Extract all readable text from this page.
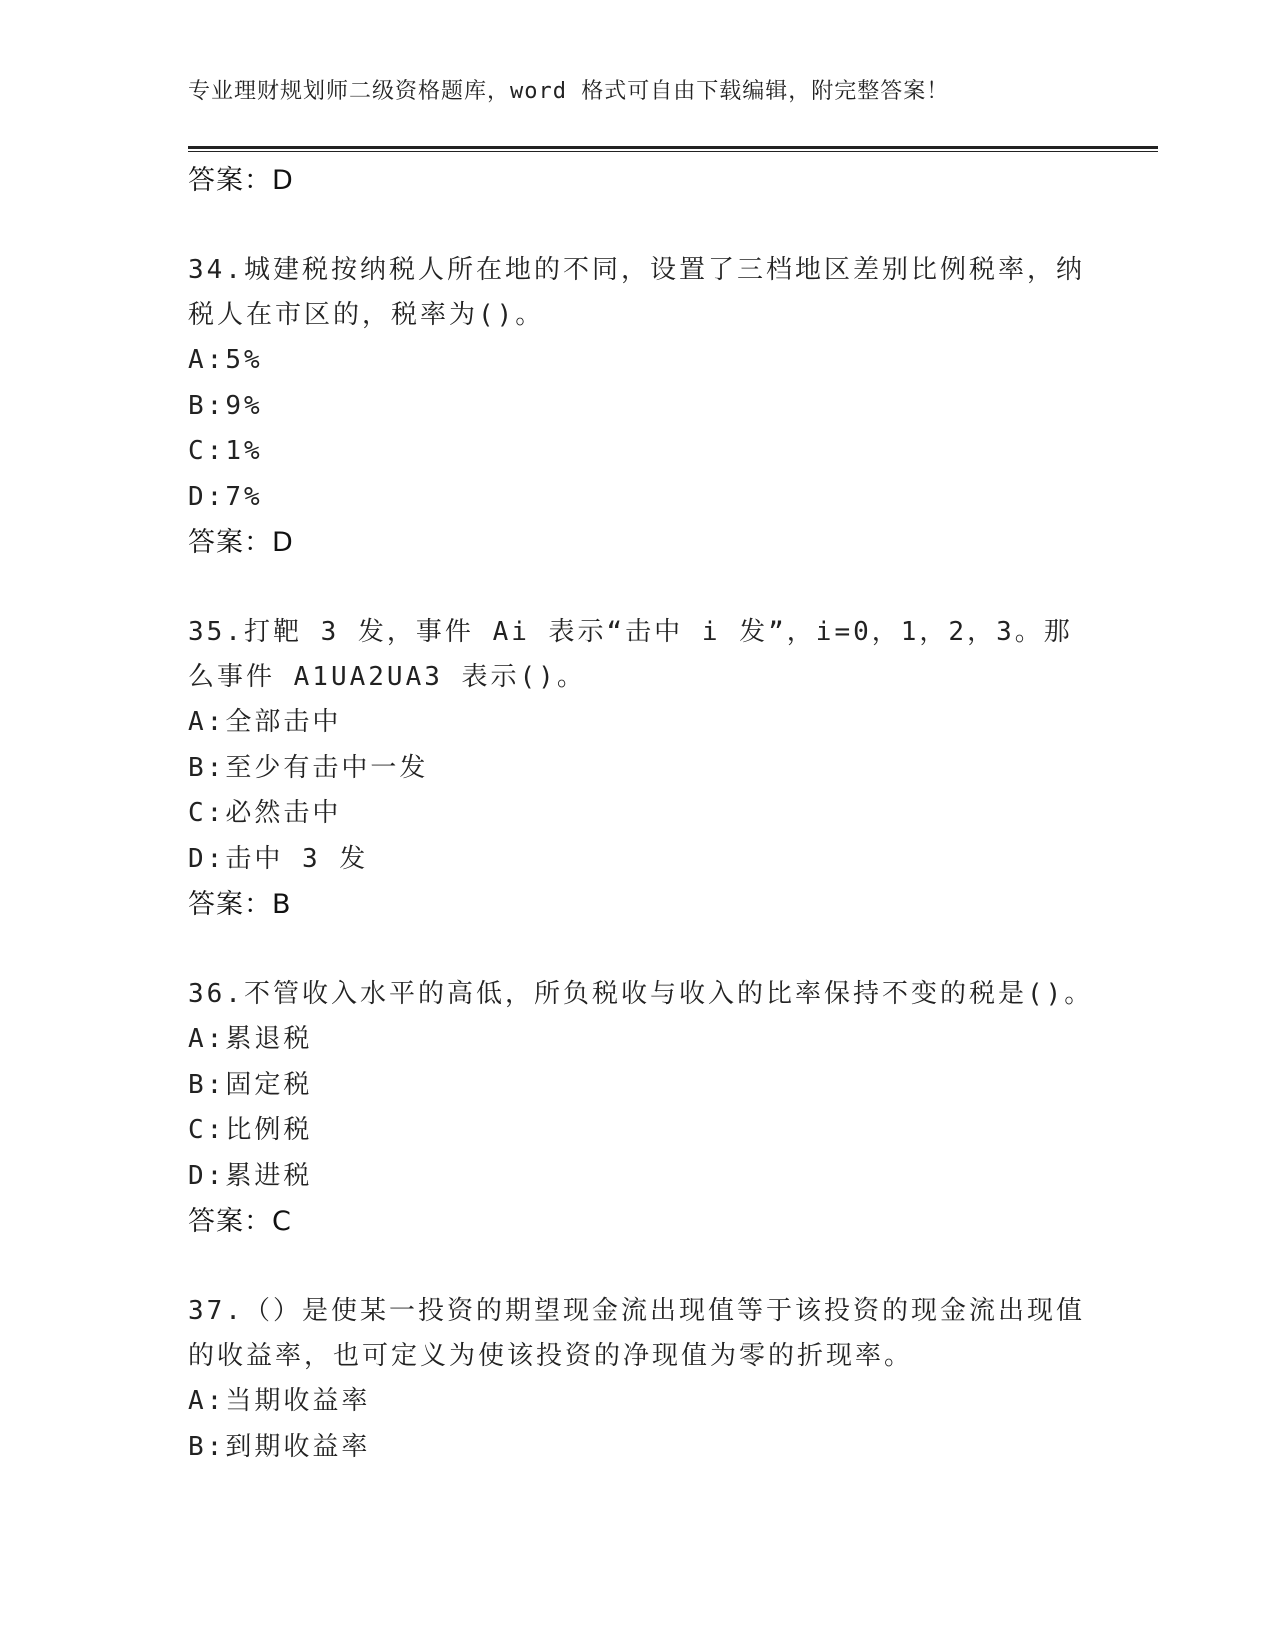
专业理财规划师二级资格题库，word 格式可自由下载编辑，附完整答案！
答案：D
34.城建税按纳税人所在地的不同，设置了三档地区差别比例税率，纳税人在市区的，税率为()。
A:5%
B:9%
C:1%
D:7%
答案：D
35.打靶 3 发，事件 Ai 表示“击中 i 发”，i=0，1，2，3。那么事件 A1UA2UA3 表示()。
A:全部击中
B:至少有击中一发
C:必然击中
D:击中 3 发
答案：B
36.不管收入水平的高低，所负税收与收入的比率保持不变的税是()。
A:累退税
B:固定税
C:比例税
D:累进税
答案：C
37.（）是使某一投资的期望现金流出现值等于该投资的现金流出现值的收益率，也可定义为使该投资的净现值为零的折现率。
A:当期收益率
B:到期收益率
